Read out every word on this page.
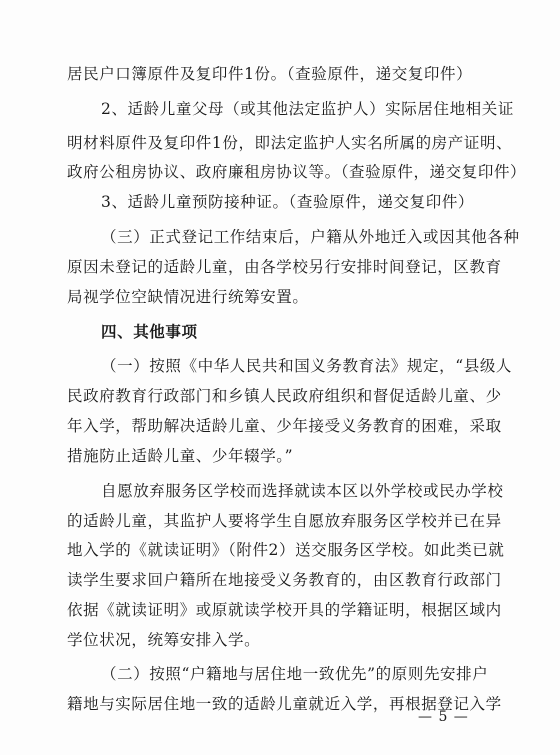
居民户口簿原件及复印件1份。（查验原件，递交复印件）
2、适龄儿童父母（或其他法定监护人）实际居住地相关证
明材料原件及复印件1份，即法定监护人实名所属的房产证明、
政府公租房协议、政府廉租房协议等。（查验原件，递交复印件）
3、适龄儿童预防接种证。（查验原件，递交复印件）
（三）正式登记工作结束后，户籍从外地迁入或因其他各种
原因未登记的适龄儿童，由各学校另行安排时间登记，区教育
局视学位空缺情况进行统筹安置。
四、其他事项
（一）按照《中华人民共和国义务教育法》规定，“县级人
民政府教育行政部门和乡镇人民政府组织和督促适龄儿童、少
年入学，帮助解决适龄儿童、少年接受义务教育的困难，采取
措施防止适龄儿童、少年辍学。”
自愿放弃服务区学校而选择就读本区以外学校或民办学校
的适龄儿童，其监护人要将学生自愿放弃服务区学校并已在异
地入学的《就读证明》（附件2）送交服务区学校。如此类已就
读学生要求回户籍所在地接受义务教育的，由区教育行政部门
依据《就读证明》或原就读学校开具的学籍证明，根据区域内
学位状况，统筹安排入学。
（二）按照“户籍地与居住地一致优先”的原则先安排户
籍地与实际居住地一致的适龄儿童就近入学，再根据登记入学
— 5 —
